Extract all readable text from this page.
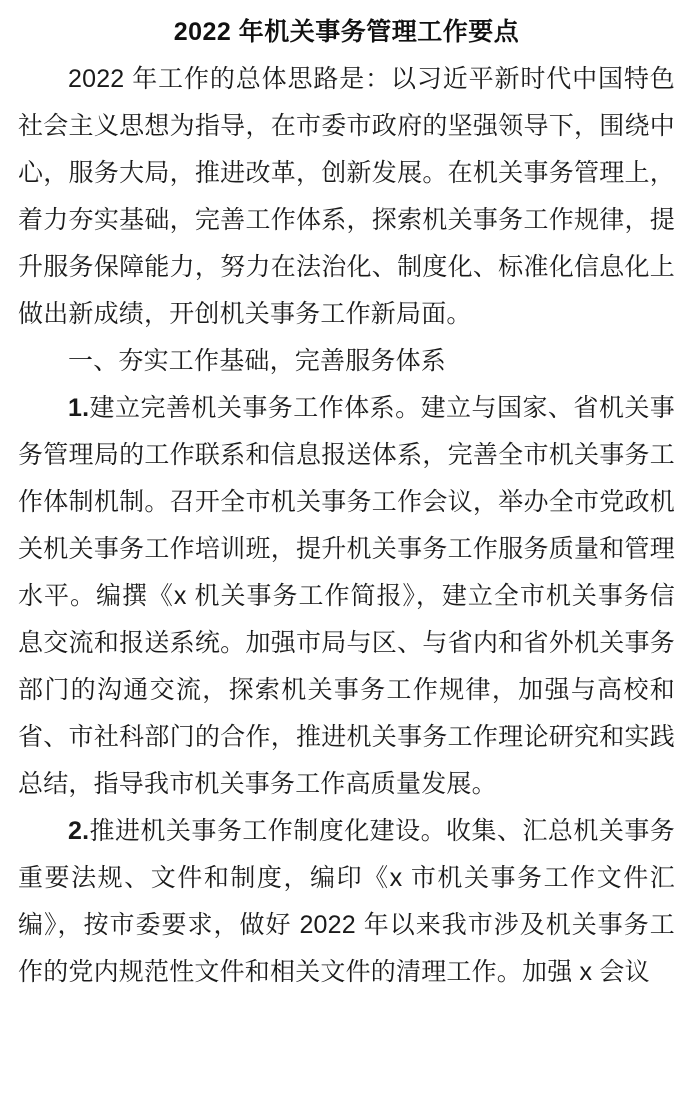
2022 年机关事务管理工作要点

2022 年工作的总体思路是：以习近平新时代中国特色社会主义思想为指导，在市委市政府的坚强领导下，围绕中心，服务大局，推进改革，创新发展。在机关事务管理上，着力夯实基础，完善工作体系，探索机关事务工作规律，提升服务保障能力，努力在法治化、制度化、标准化信息化上做出新成绩，开创机关事务工作新局面。

一、夯实工作基础，完善服务体系

1.建立完善机关事务工作体系。建立与国家、省机关事务管理局的工作联系和信息报送体系，完善全市机关事务工作体制机制。召开全市机关事务工作会议，举办全市党政机关机关事务工作培训班，提升机关事务工作服务质量和管理水平。编撰《x 机关事务工作简报》，建立全市机关事务信息交流和报送系统。加强市局与区、与省内和省外机关事务部门的沟通交流，探索机关事务工作规律，加强与高校和省、市社科部门的合作，推进机关事务工作理论研究和实践总结，指导我市机关事务工作高质量发展。

2.推进机关事务工作制度化建设。收集、汇总机关事务重要法规、文件和制度，编印《x 市机关事务工作文件汇编》，按市委要求，做好 2022 年以来我市涉及机关事务工作的党内规范性文件和相关文件的清理工作。加强 x 会议
